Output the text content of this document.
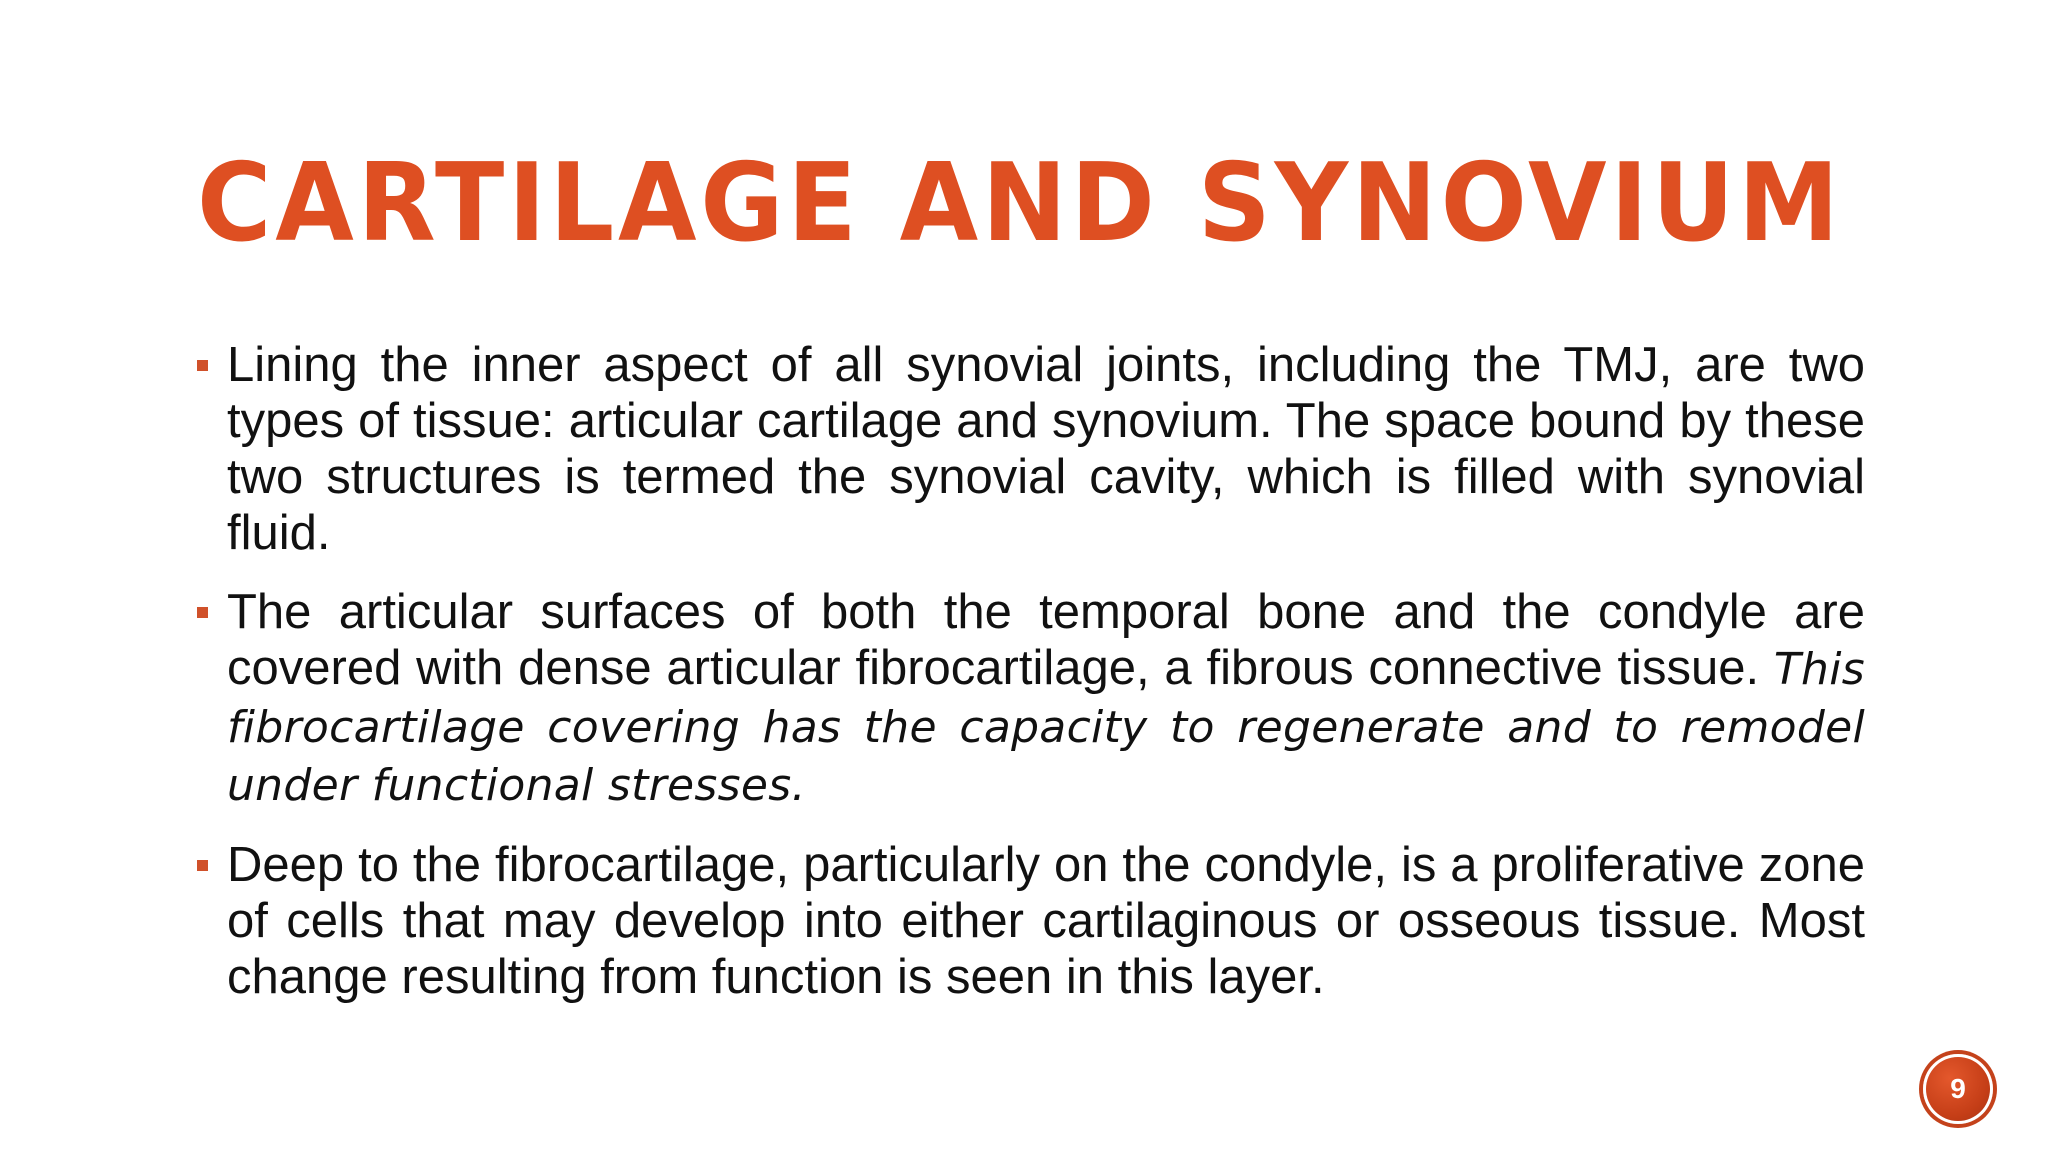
CARTILAGE AND SYNOVIUM
Lining the inner aspect of all synovial joints, including the TMJ, are two types of tissue: articular cartilage and synovium. The space bound by these two structures is termed the synovial cavity, which is filled with synovial fluid.
The articular surfaces of both the temporal bone and the condyle are covered with dense articular fibrocartilage, a fibrous connective tissue. This fibrocartilage covering has the capacity to regenerate and to remodel under functional stresses.
Deep to the fibrocartilage, particularly on the condyle, is a proliferative zone of cells that may develop into either cartilaginous or osseous tissue. Most change resulting from function is seen in this layer.
9
